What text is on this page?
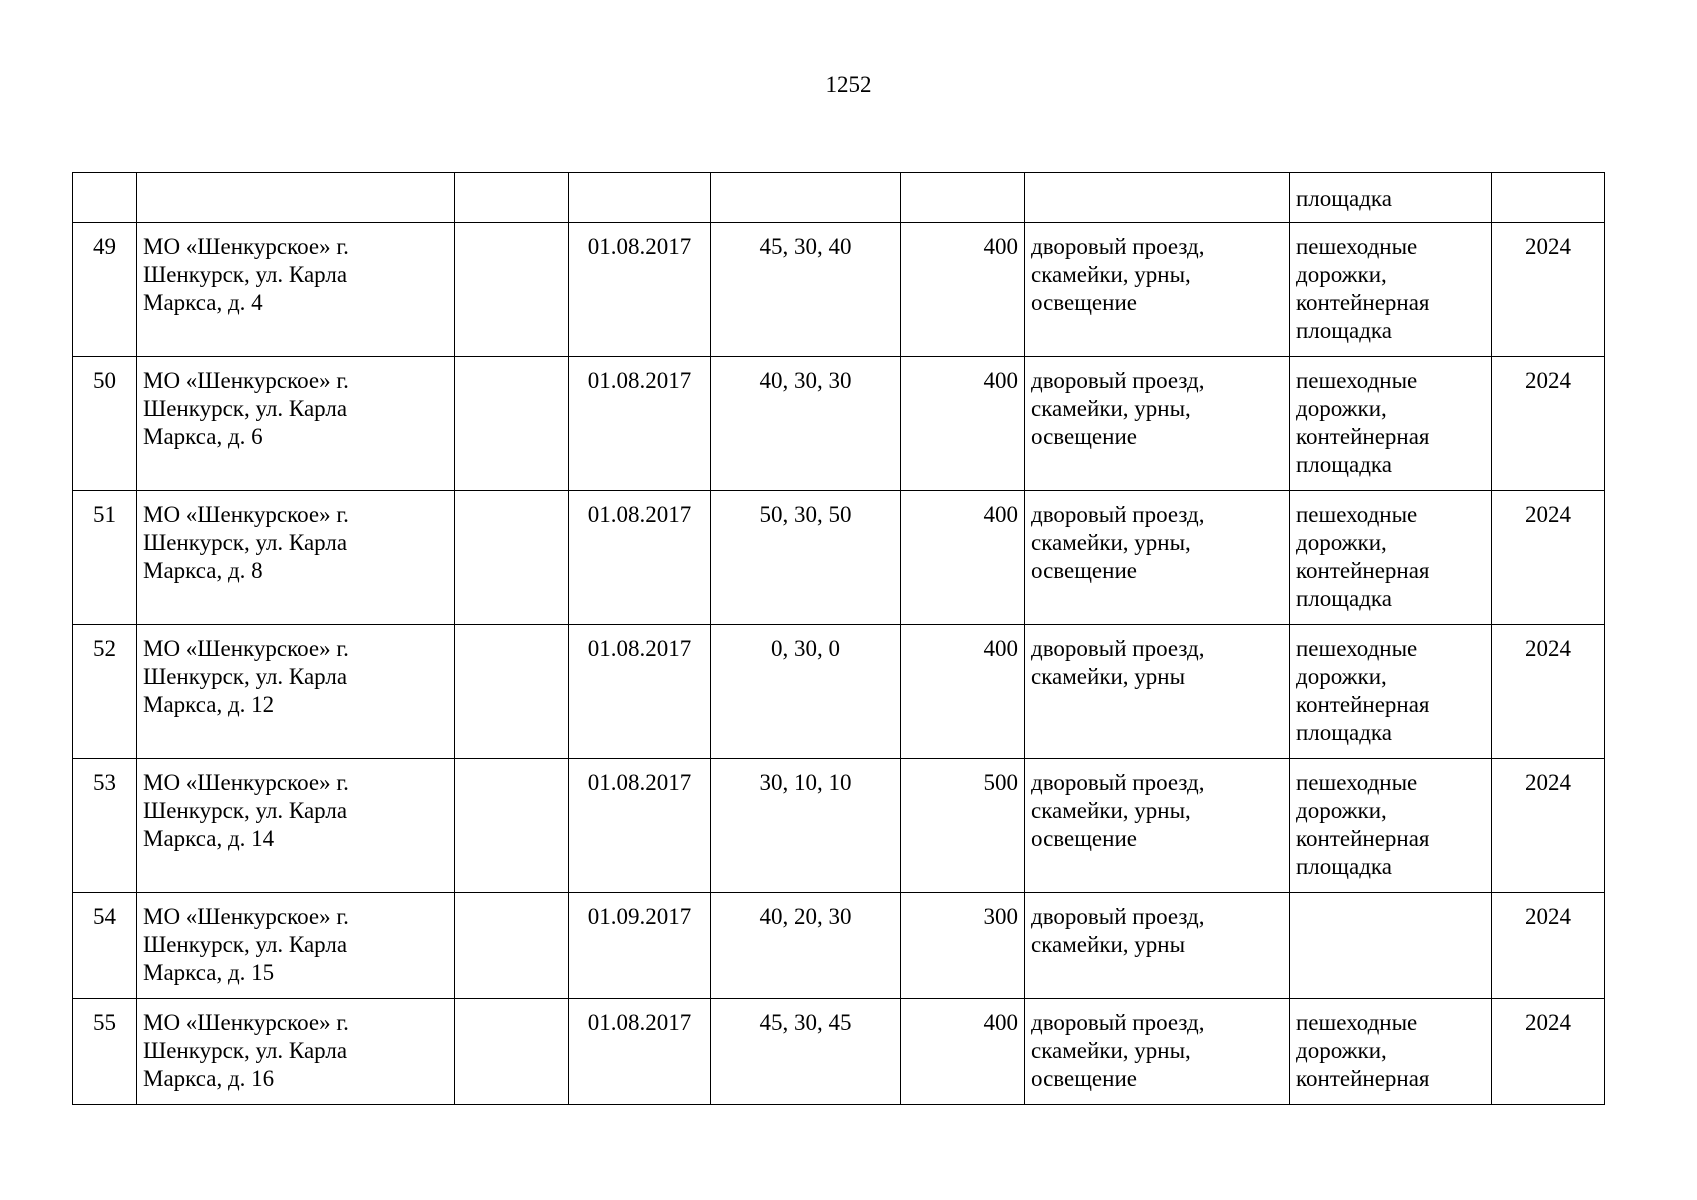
1252

							площадка	

49	МО «Шенкурское» г.
Шенкурск, ул. Карла
Маркса, д. 4		01.08.2017	45, 30, 40	400	дворовый проезд,
скамейки, урны,
освещение	пешеходные
дорожки,
контейнерная
площадка	2024
50	МО «Шенкурское» г.
Шенкурск, ул. Карла
Маркса, д. 6		01.08.2017	40, 30, 30	400	дворовый проезд,
скамейки, урны,
освещение	пешеходные
дорожки,
контейнерная
площадка	2024
51	МО «Шенкурское» г.
Шенкурск, ул. Карла
Маркса, д. 8		01.08.2017	50, 30, 50	400	дворовый проезд,
скамейки, урны,
освещение	пешеходные
дорожки,
контейнерная
площадка	2024
52	МО «Шенкурское» г.
Шенкурск, ул. Карла
Маркса, д. 12		01.08.2017	0, 30, 0	400	дворовый проезд,
скамейки, урны	пешеходные
дорожки,
контейнерная
площадка	2024
53	МО «Шенкурское» г.
Шенкурск, ул. Карла
Маркса, д. 14		01.08.2017	30, 10, 10	500	дворовый проезд,
скамейки, урны,
освещение	пешеходные
дорожки,
контейнерная
площадка	2024
54	МО «Шенкурское» г.
Шенкурск, ул. Карла
Маркса, д. 15		01.09.2017	40, 20, 30	300	дворовый проезд,
скамейки, урны		2024
55	МО «Шенкурское» г.
Шенкурск, ул. Карла
Маркса, д. 16		01.08.2017	45, 30, 45	400	дворовый проезд,
скамейки, урны,
освещение	пешеходные
дорожки,
контейнерная	2024
